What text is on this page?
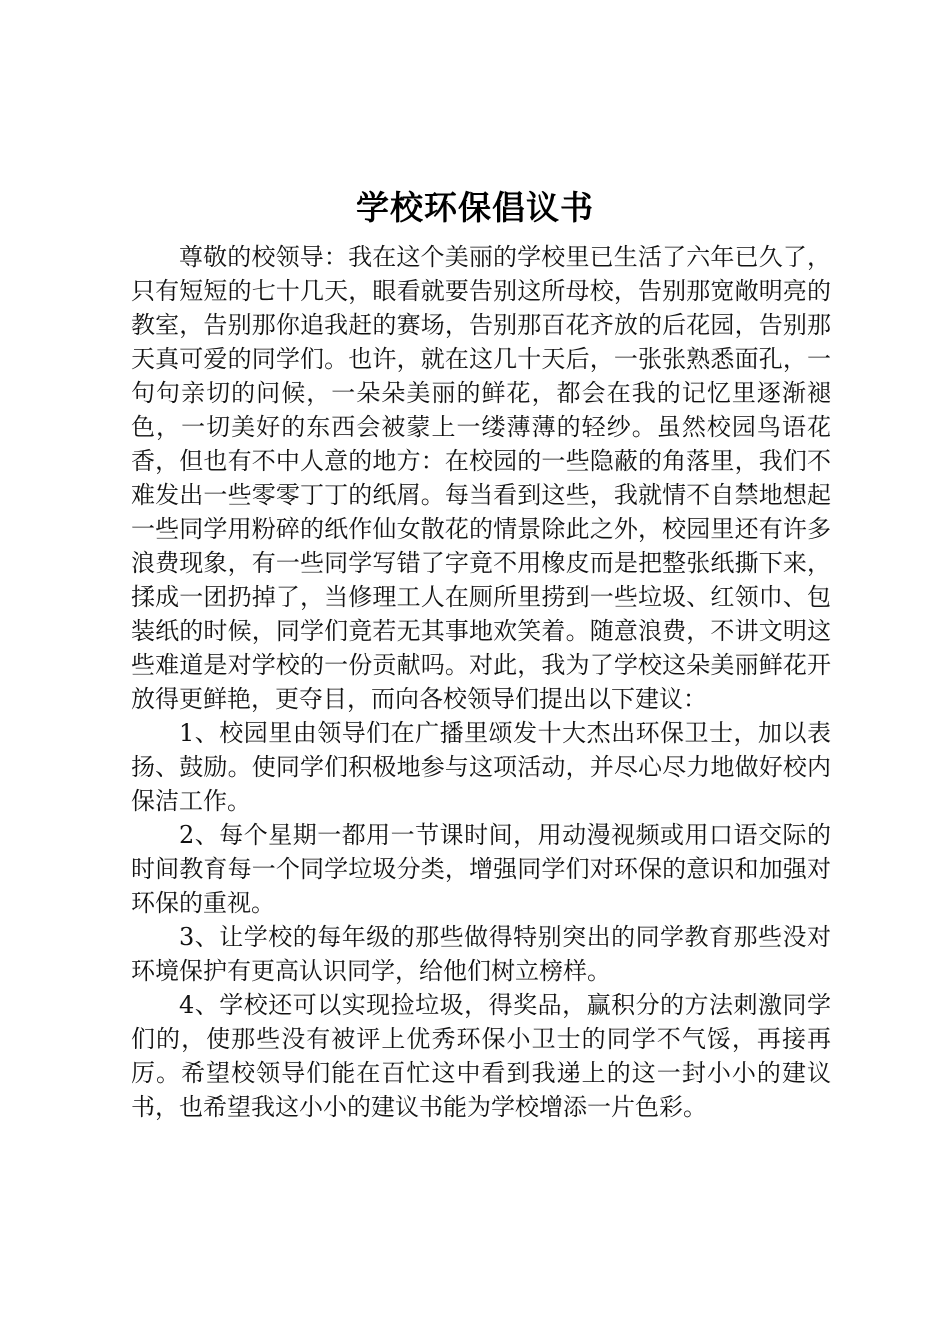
学校环保倡议书

尊敬的校领导：我在这个美丽的学校里已生活了六年已久了，只有短短的七十几天，眼看就要告别这所母校，告别那宽敞明亮的教室，告别那你追我赶的赛场，告别那百花齐放的后花园，告别那天真可爱的同学们。也许，就在这几十天后，一张张熟悉面孔，一句句亲切的问候，一朵朵美丽的鲜花，都会在我的记忆里逐渐褪色，一切美好的东西会被蒙上一缕薄薄的轻纱。虽然校园鸟语花香，但也有不中人意的地方：在校园的一些隐蔽的角落里，我们不难发出一些零零丁丁的纸屑。每当看到这些，我就情不自禁地想起一些同学用粉碎的纸作仙女散花的情景除此之外，校园里还有许多浪费现象，有一些同学写错了字竟不用橡皮而是把整张纸撕下来，揉成一团扔掉了，当修理工人在厕所里捞到一些垃圾、红领巾、包装纸的时候，同学们竟若无其事地欢笑着。随意浪费，不讲文明这些难道是对学校的一份贡献吗。对此，我为了学校这朵美丽鲜花开放得更鲜艳，更夺目，而向各校领导们提出以下建议：

1、校园里由领导们在广播里颂发十大杰出环保卫士，加以表扬、鼓励。使同学们积极地参与这项活动，并尽心尽力地做好校内保洁工作。

2、每个星期一都用一节课时间，用动漫视频或用口语交际的时间教育每一个同学垃圾分类，增强同学们对环保的意识和加强对环保的重视。

3、让学校的每年级的那些做得特别突出的同学教育那些没对环境保护有更高认识同学，给他们树立榜样。

4、学校还可以实现捡垃圾，得奖品，赢积分的方法刺激同学们的，使那些没有被评上优秀环保小卫士的同学不气馁，再接再厉。希望校领导们能在百忙这中看到我递上的这一封小小的建议书，也希望我这小小的建议书能为学校增添一片色彩。
